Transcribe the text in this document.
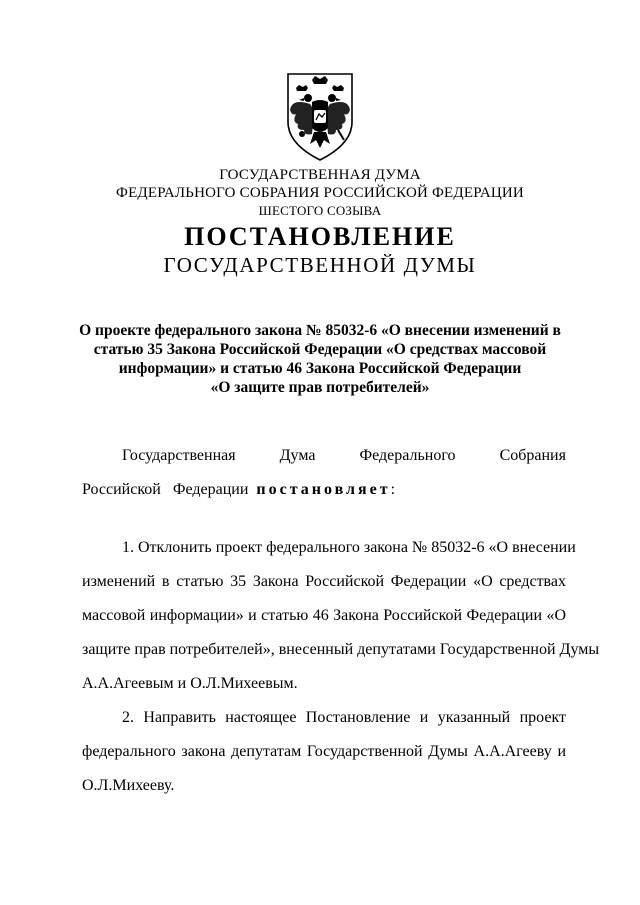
ГОСУДАРСТВЕННАЯ ДУМА
ФЕДЕРАЛЬНОГО СОБРАНИЯ РОССИЙСКОЙ ФЕДЕРАЦИИ
ШЕСТОГО СОЗЫВА
ПОСТАНОВЛЕНИЕ
ГОСУДАРСТВЕННОЙ ДУМЫ
О проекте федерального закона № 85032-6 «О внесении изменений в
статью 35 Закона Российской Федерации «О средствах массовой
информации» и статью 46 Закона Российской Федерации
«О защите прав потребителей»
Государственная	Дума	Федерального	Собрания
Российской   Федерации постановляет:
1. Отклонить проект федерального закона № 85032-6 «О внесении
изменений в статью 35 Закона Российской Федерации «О средствах
массовой информации» и статью 46 Закона Российской Федерации «О
защите прав потребителей», внесенный депутатами Государственной Думы
А.А.Агеевым и О.Л.Михеевым.
2. Направить настоящее Постановление и указанный проект
федерального закона депутатам Государственной Думы А.А.Агееву и
О.Л.Михееву.
